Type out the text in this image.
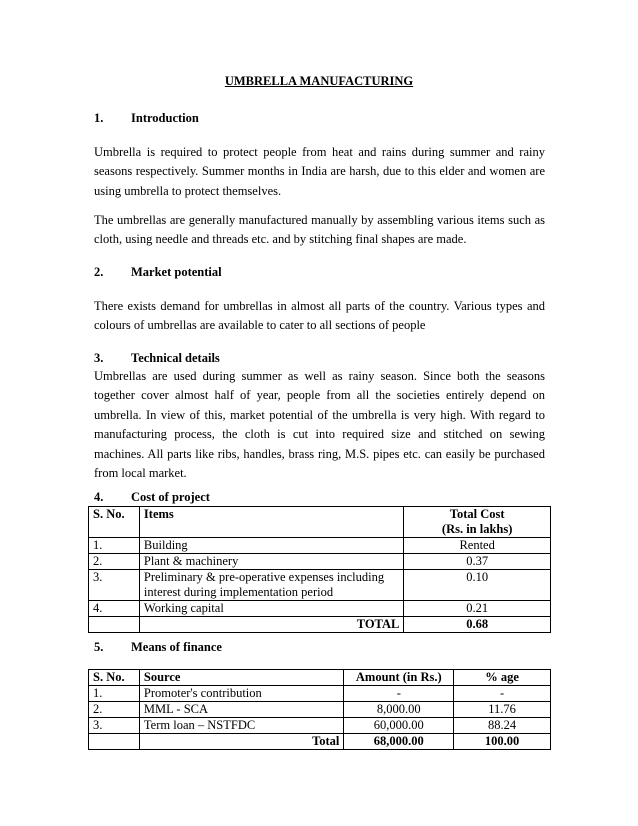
UMBRELLA MANUFACTURING
1. Introduction
Umbrella is required to protect people from heat and rains during summer and rainy seasons respectively. Summer months in India are harsh, due to this elder and women are using umbrella to protect themselves.
The umbrellas are generally manufactured manually by assembling various items such as cloth, using needle and threads etc. and by stitching final shapes are made.
2. Market potential
There exists demand for umbrellas in almost all parts of the country. Various types and colours of umbrellas are available to cater to all sections of people
3. Technical details
Umbrellas are used during summer as well as rainy season. Since both the seasons together cover almost half of year, people from all the societies entirely depend on umbrella. In view of this, market potential of the umbrella is very high. With regard to manufacturing process, the cloth is cut into required size and stitched on sewing machines. All parts like ribs, handles, brass ring, M.S. pipes etc. can easily be purchased from local market.
4. Cost of project
S. No.	Items	Total Cost
(Rs. in lakhs)

1.	Building	Rented
2.	Plant & machinery	0.37
3.	Preliminary & pre-operative expenses including
interest during implementation period	0.10
4.	Working capital	0.21
	TOTAL	0.68
5. Means of finance
S. No.	Source	Amount (in Rs.)	% age
1.	Promoter's contribution	-	-
2.	MML - SCA	8,000.00	11.76
3.	Term loan – NSTFDC	60,000.00	88.24
	Total	68,000.00	100.00
